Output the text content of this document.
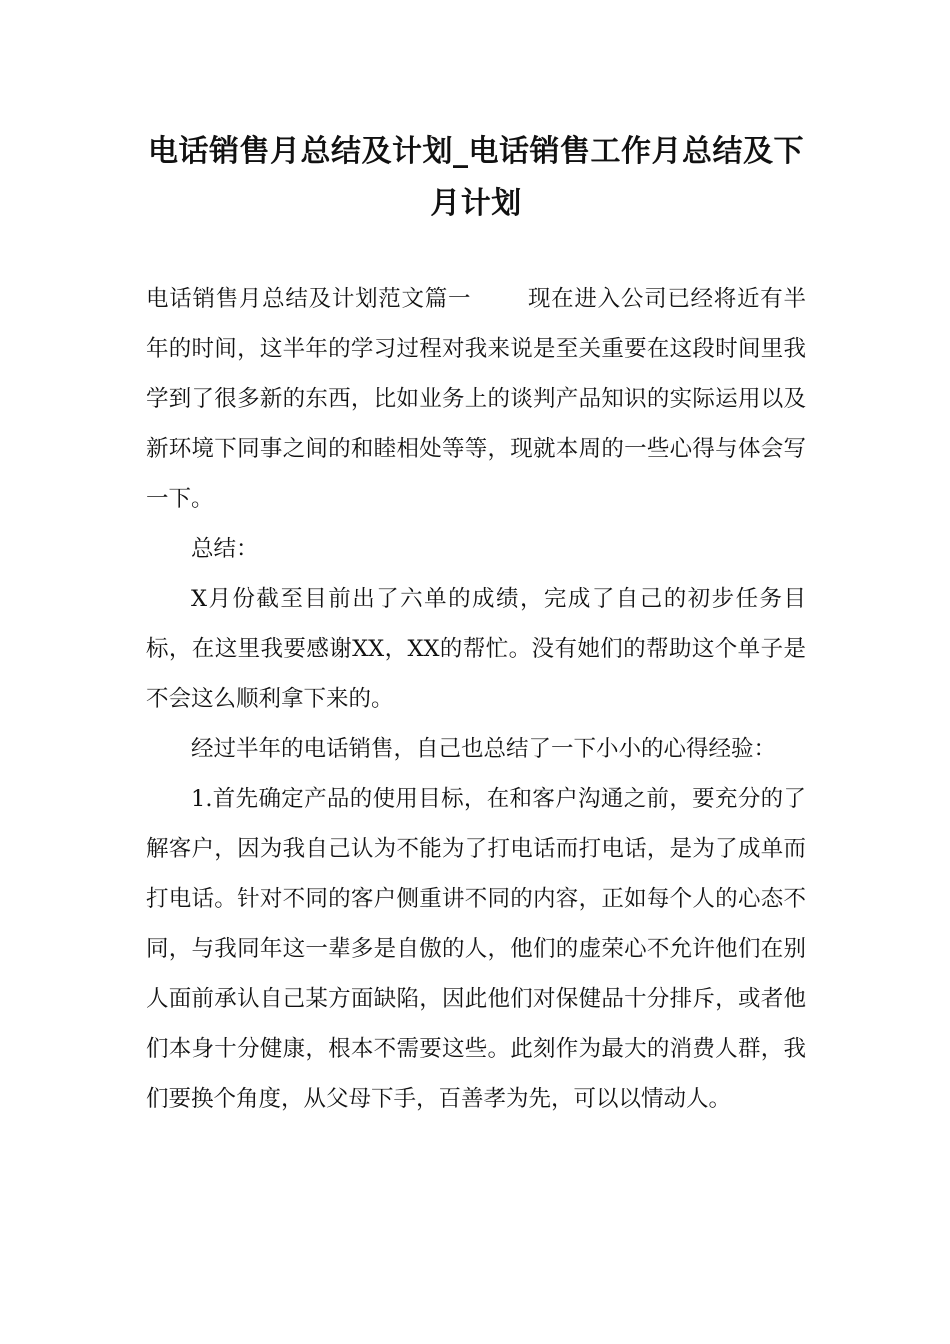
电话销售月总结及计划_电话销售工作月总结及下月计划

电话销售月总结及计划范文篇一 现在进入公司已经将近有半年的时间，这半年的学习过程对我来说是至关重要在这段时间里我学到了很多新的东西，比如业务上的谈判产品知识的实际运用以及新环境下同事之间的和睦相处等等，现就本周的一些心得与体会写一下。

总结：

X月份截至目前出了六单的成绩，完成了自己的初步任务目标，在这里我要感谢XX，XX的帮忙。没有她们的帮助这个单子是不会这么顺利拿下来的。

经过半年的电话销售，自己也总结了一下小小的心得经验：

1.首先确定产品的使用目标，在和客户沟通之前，要充分的了解客户，因为我自己认为不能为了打电话而打电话，是为了成单而打电话。针对不同的客户侧重讲不同的内容，正如每个人的心态不同，与我同年这一辈多是自傲的人，他们的虚荣心不允许他们在别人面前承认自己某方面缺陷，因此他们对保健品十分排斥，或者他们本身十分健康，根本不需要这些。此刻作为最大的消费人群，我们要换个角度，从父母下手，百善孝为先，可以以情动人。
